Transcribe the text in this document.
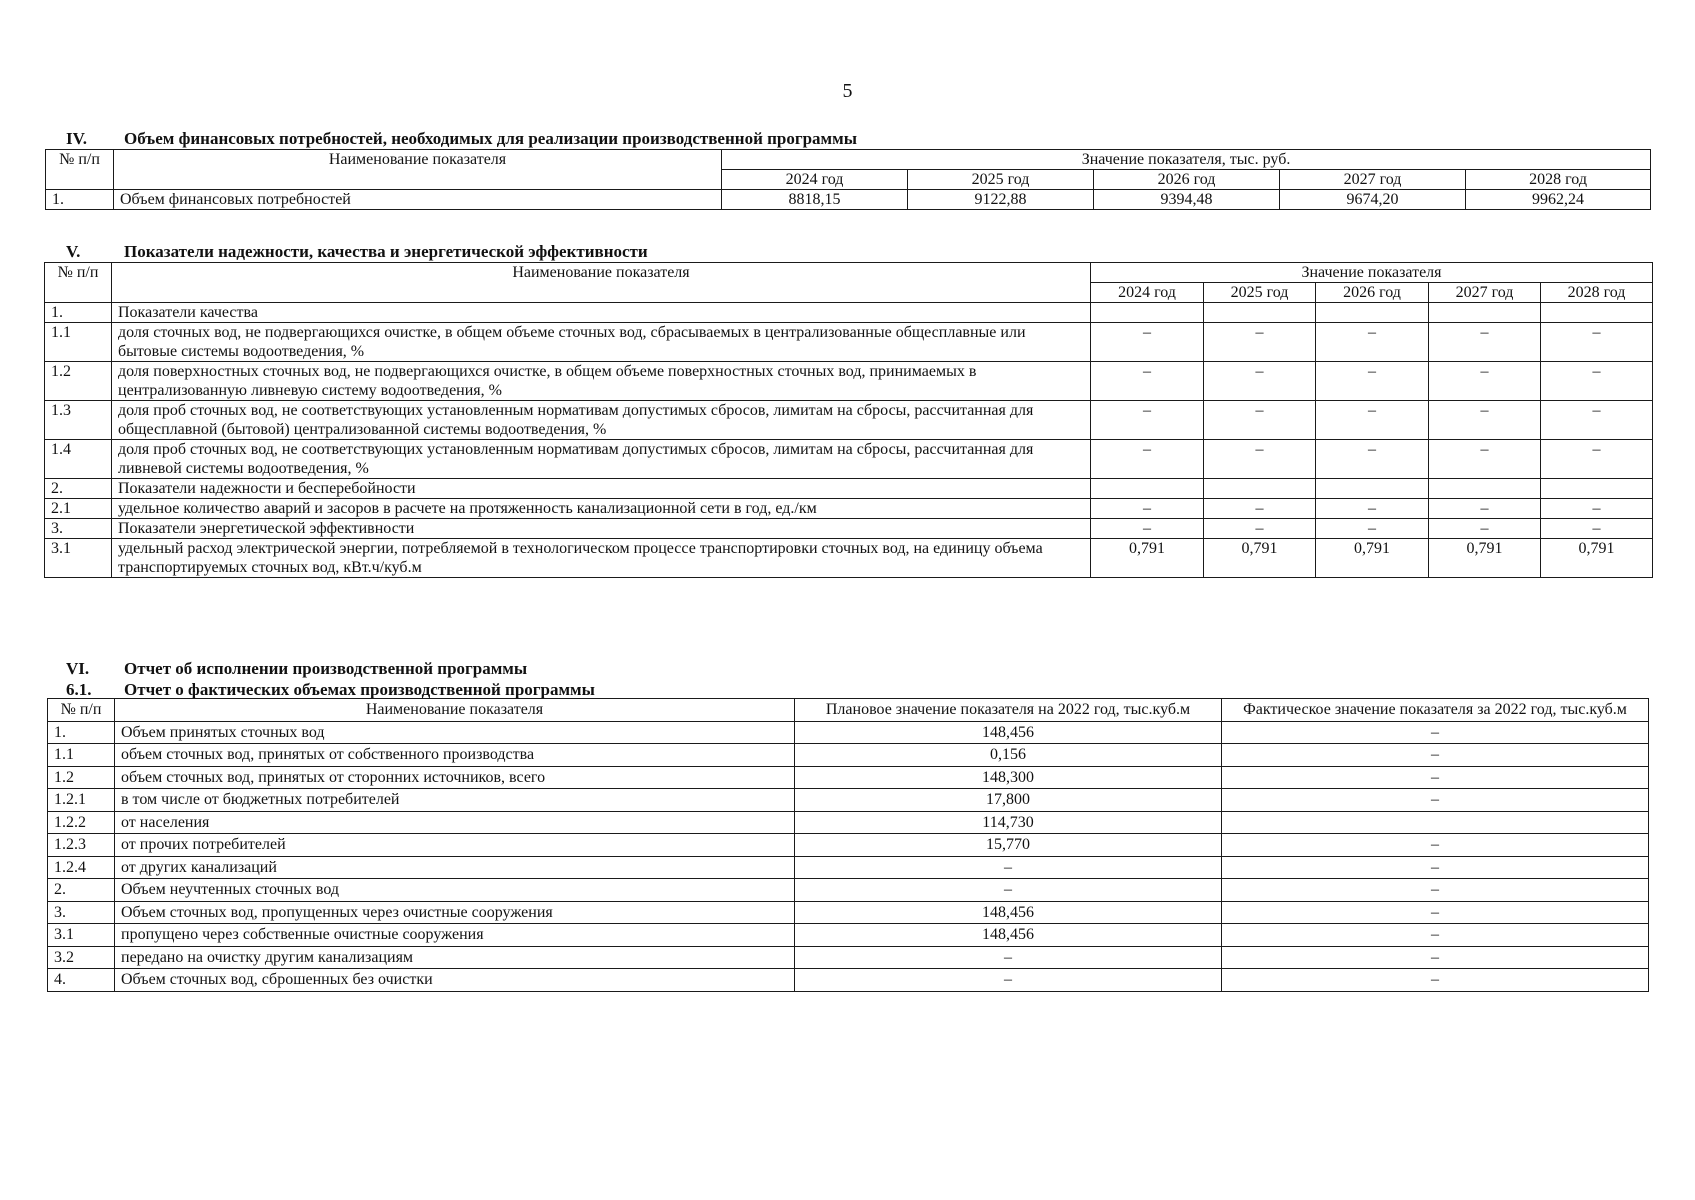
5
IV. Объем финансовых потребностей, необходимых для реализации производственной программы
№ п/п	Наименование показателя	Значение показателя, тыс. руб.				
		2024 год	2025 год	2026 год	2027 год	2028 год
1.	Объем финансовых потребностей	8818,15	9122,88	9394,48	9674,20	9962,24
V.	Показатели надежности, качества и энергетической эффективности
№ п/п	Наименование показателя	Значение показателя				
		2024 год	2025 год	2026 год	2027 год	2028 год
1.	Показатели качества					
1.1	доля сточных вод, не подвергающихся очистке, в общем объеме сточных вод, сбрасываемых в централизованные общесплавные или бытовые системы водоотведения, %	–	–	–	–	–
1.2	доля поверхностных сточных вод, не подвергающихся очистке, в общем объеме поверхностных сточных вод, принимаемых в централизованную ливневую систему водоотведения, %	–	–	–	–	–
1.3	доля проб сточных вод, не соответствующих установленным нормативам допустимых сбросов, лимитам на сбросы, рассчитанная для общесплавной (бытовой) централизованной системы водоотведения, %	–	–	–	–	–
1.4	доля проб сточных вод, не соответствующих установленным нормативам допустимых сбросов, лимитам на сбросы, рассчитанная для ливневой системы водоотведения, %	–	–	–	–	–
2.	Показатели надежности и бесперебойности					
2.1	удельное количество аварий и засоров в расчете на протяженность канализационной сети в год, ед./км	–	–	–	–	–
3.	Показатели энергетической эффективности	–	–	–	–	–
3.1	удельный расход электрической энергии, потребляемой в технологическом процессе транспортировки сточных вод, на единицу объема транспортируемых сточных вод, кВт.ч/куб.м	0,791	0,791	0,791	0,791	0,791
VI. Отчет об исполнении производственной программы
6.1. Отчет о фактических объемах производственной программы
№ п/п	Наименование показателя	Плановое значение показателя на 2022 год, тыс.куб.м	Фактическое значение показателя за 2022 год, тыс.куб.м
1.	Объем принятых сточных вод	148,456	–
1.1	объем сточных вод, принятых от собственного производства	0,156	–
1.2	объем сточных вод, принятых от сторонних источников, всего	148,300	–
1.2.1	в том числе от бюджетных потребителей	17,800	–
1.2.2	от населения	114,730	
1.2.3	от прочих потребителей	15,770	–
1.2.4	от других канализаций	–	–
2.	Объем неучтенных сточных вод	–	–
3.	Объем сточных вод, пропущенных через очистные сооружения	148,456	–
3.1	пропущено через собственные очистные сооружения	148,456	–
3.2	передано на очистку другим канализациям	–	–
4.	Объем сточных вод, сброшенных без очистки	–	–
